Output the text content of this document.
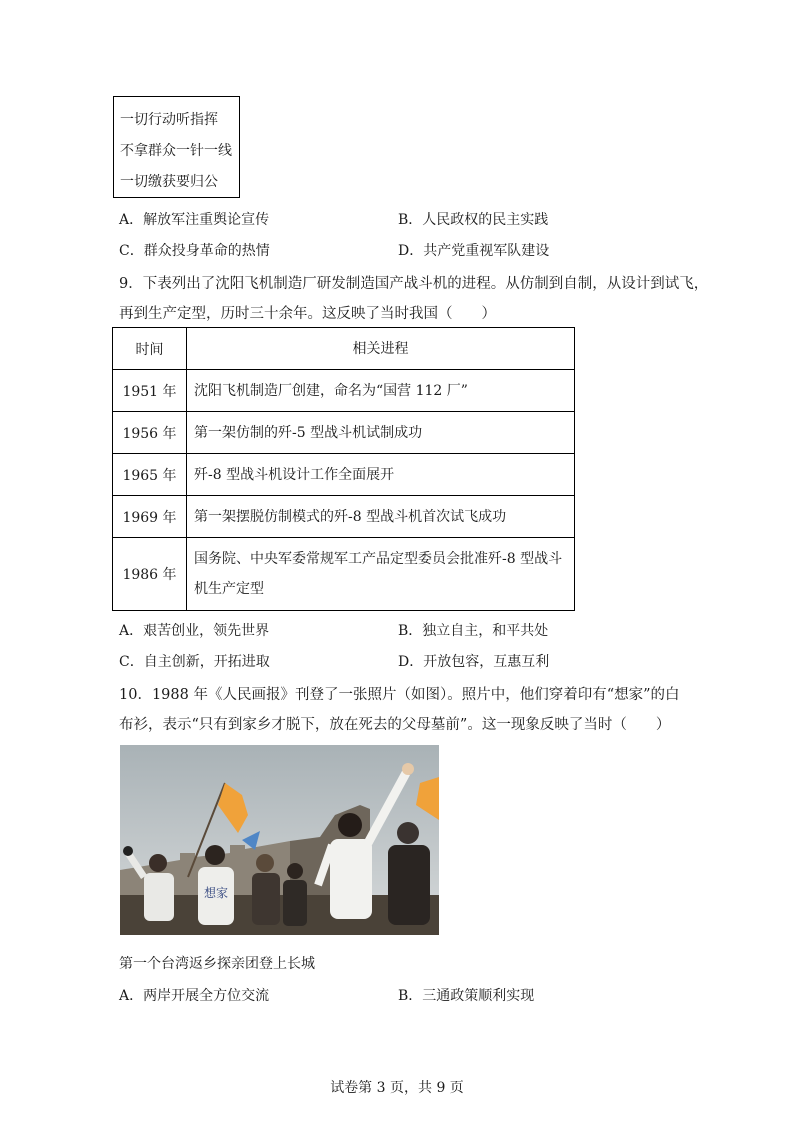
一切行动听指挥
不拿群众一针一线
一切缴获要归公
A．解放军注重舆论宣传	B．人民政权的民主实践
C．群众投身革命的热情	D．共产党重视军队建设
9．下表列出了沈阳飞机制造厂研发制造国产战斗机的进程。从仿制到自制，从设计到试飞，
再到生产定型，历时三十余年。这反映了当时我国（　　）
时间	相关进程
1951 年	沈阳飞机制造厂创建，命名为“国营 112 厂”
1956 年	第一架仿制的歼-5 型战斗机试制成功
1965 年	歼-8 型战斗机设计工作全面展开
1969 年	第一架摆脱仿制模式的歼-8 型战斗机首次试飞成功
1986 年	国务院、中央军委常规军工产品定型委员会批准歼-8 型战斗机生产定型
A．艰苦创业，领先世界	B．独立自主，和平共处
C．自主创新，开拓进取	D．开放包容，互惠互利
10．1988 年《人民画报》刊登了一张照片（如图）。照片中，他们穿着印有“想家”的白
布衫，表示“只有到家乡才脱下，放在死去的父母墓前”。这一现象反映了当时（　　）
想家
第一个台湾返乡探亲团登上长城
A．两岸开展全方位交流	B．三通政策顺利实现
试卷第 3 页，共 9 页
